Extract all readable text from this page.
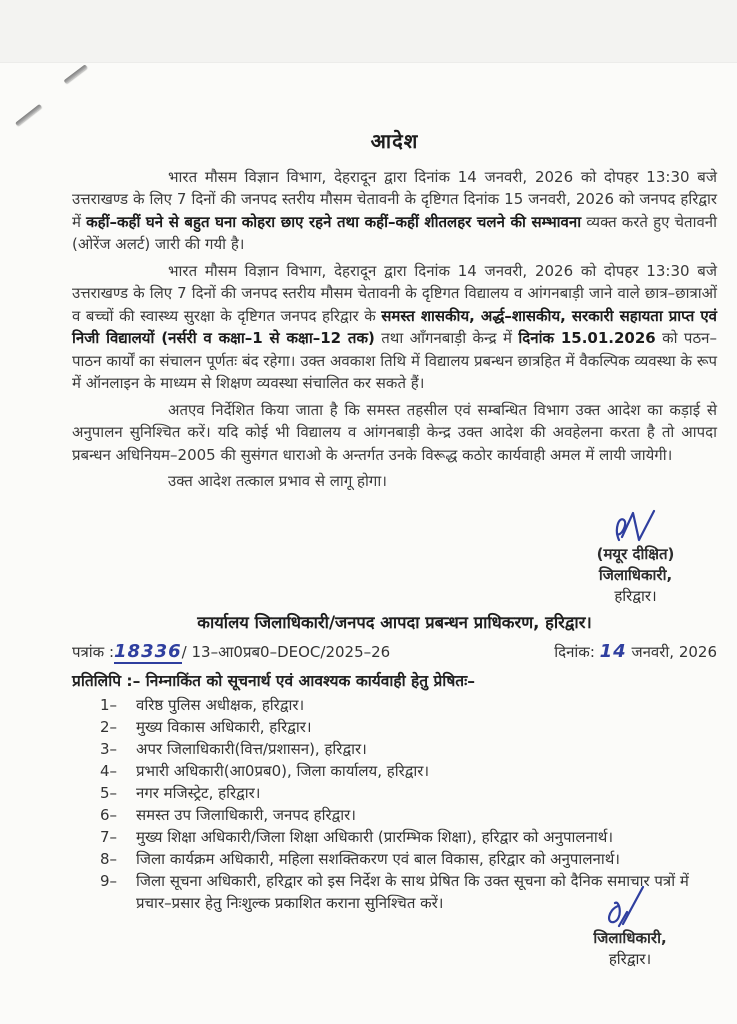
आदेश

भारत मौसम विज्ञान विभाग, देहरादून द्वारा दिनांक 14 जनवरी, 2026 को दोपहर 13:30 बजे उत्तराखण्ड के लिए 7 दिनों की जनपद स्तरीय मौसम चेतावनी के दृष्टिगत दिनांक 15 जनवरी, 2026 को जनपद हरिद्वार में कहीं–कहीं घने से बहुत घना कोहरा छाए रहने तथा कहीं–कहीं शीतलहर चलने की सम्भावना व्यक्त करते हुए चेतावनी (ओरेंज अलर्ट) जारी की गयी है।

भारत मौसम विज्ञान विभाग, देहरादून द्वारा दिनांक 14 जनवरी, 2026 को दोपहर 13:30 बजे उत्तराखण्ड के लिए 7 दिनों की जनपद स्तरीय मौसम चेतावनी के दृष्टिगत विद्यालय व आंगनबाड़ी जाने वाले छात्र–छात्राओं व बच्चों की स्वास्थ्य सुरक्षा के दृष्टिगत जनपद हरिद्वार के समस्त शासकीय, अर्द्ध–शासकीय, सरकारी सहायता प्राप्त एवं निजी विद्यालयों (नर्सरी व कक्षा–1 से कक्षा–12 तक) तथा ऑंगनबाड़ी केन्द्र में दिनांक 15.01.2026 को पठन–पाठन कार्यों का संचालन पूर्णतः बंद रहेगा। उक्त अवकाश तिथि में विद्यालय प्रबन्धन छात्रहित में वैकल्पिक व्यवस्था के रूप में ऑनलाइन के माध्यम से शिक्षण व्यवस्था संचालित कर सकते हैं।

अतएव निर्देशित किया जाता है कि समस्त तहसील एवं सम्बन्धित विभाग उक्त आदेश का कड़ाई से अनुपालन सुनिश्चित करें। यदि कोई भी विद्यालय व आंगनबाड़ी केन्द्र उक्त आदेश की अवहेलना करता है तो आपदा प्रबन्धन अधिनियम–2005 की सुसंगत धाराओ के अन्तर्गत उनके विरूद्ध कठोर कार्यवाही अमल में लायी जायेगी।

उक्त आदेश तत्काल प्रभाव से लागू होगा।

(मयूर दीक्षित)
जिलाधिकारी,
हरिद्वार।
कार्यालय जिलाधिकारी/जनपद आपदा प्रबन्धन प्राधिकरण, हरिद्वार।
पत्रांक :18336/ 13–आ0प्रब0–DEOC/2025–26	दिनांक: 14 जनवरी, 2026
प्रतिलिपि :– निम्नाकिंत को सूचनार्थ एवं आवश्यक कार्यवाही हेतु प्रेषितः–
1–	वरिष्ठ पुलिस अधीक्षक, हरिद्वार।
2–	मुख्य विकास अधिकारी, हरिद्वार।
3–	अपर जिलाधिकारी(वित्त/प्रशासन), हरिद्वार।
4–	प्रभारी अधिकारी(आ0प्रब0), जिला कार्यालय, हरिद्वार।
5–	नगर मजिस्ट्रेट, हरिद्वार।
6–	समस्त उप जिलाधिकारी, जनपद हरिद्वार।
7–	मुख्य शिक्षा अधिकारी/जिला शिक्षा अधिकारी (प्रारम्भिक शिक्षा), हरिद्वार को अनुपालनार्थ।
8–	जिला कार्यक्रम अधिकारी, महिला सशक्तिकरण एवं बाल विकास, हरिद्वार को अनुपालनार्थ।
9–	जिला सूचना अधिकारी, हरिद्वार को इस निर्देश के साथ प्रेषित कि उक्त सूचना को दैनिक समाचार पत्रों में प्रचार–प्रसार हेतु निःशुल्क प्रकाशित कराना सुनिश्चित करें।
जिलाधिकारी,
हरिद्वार।
